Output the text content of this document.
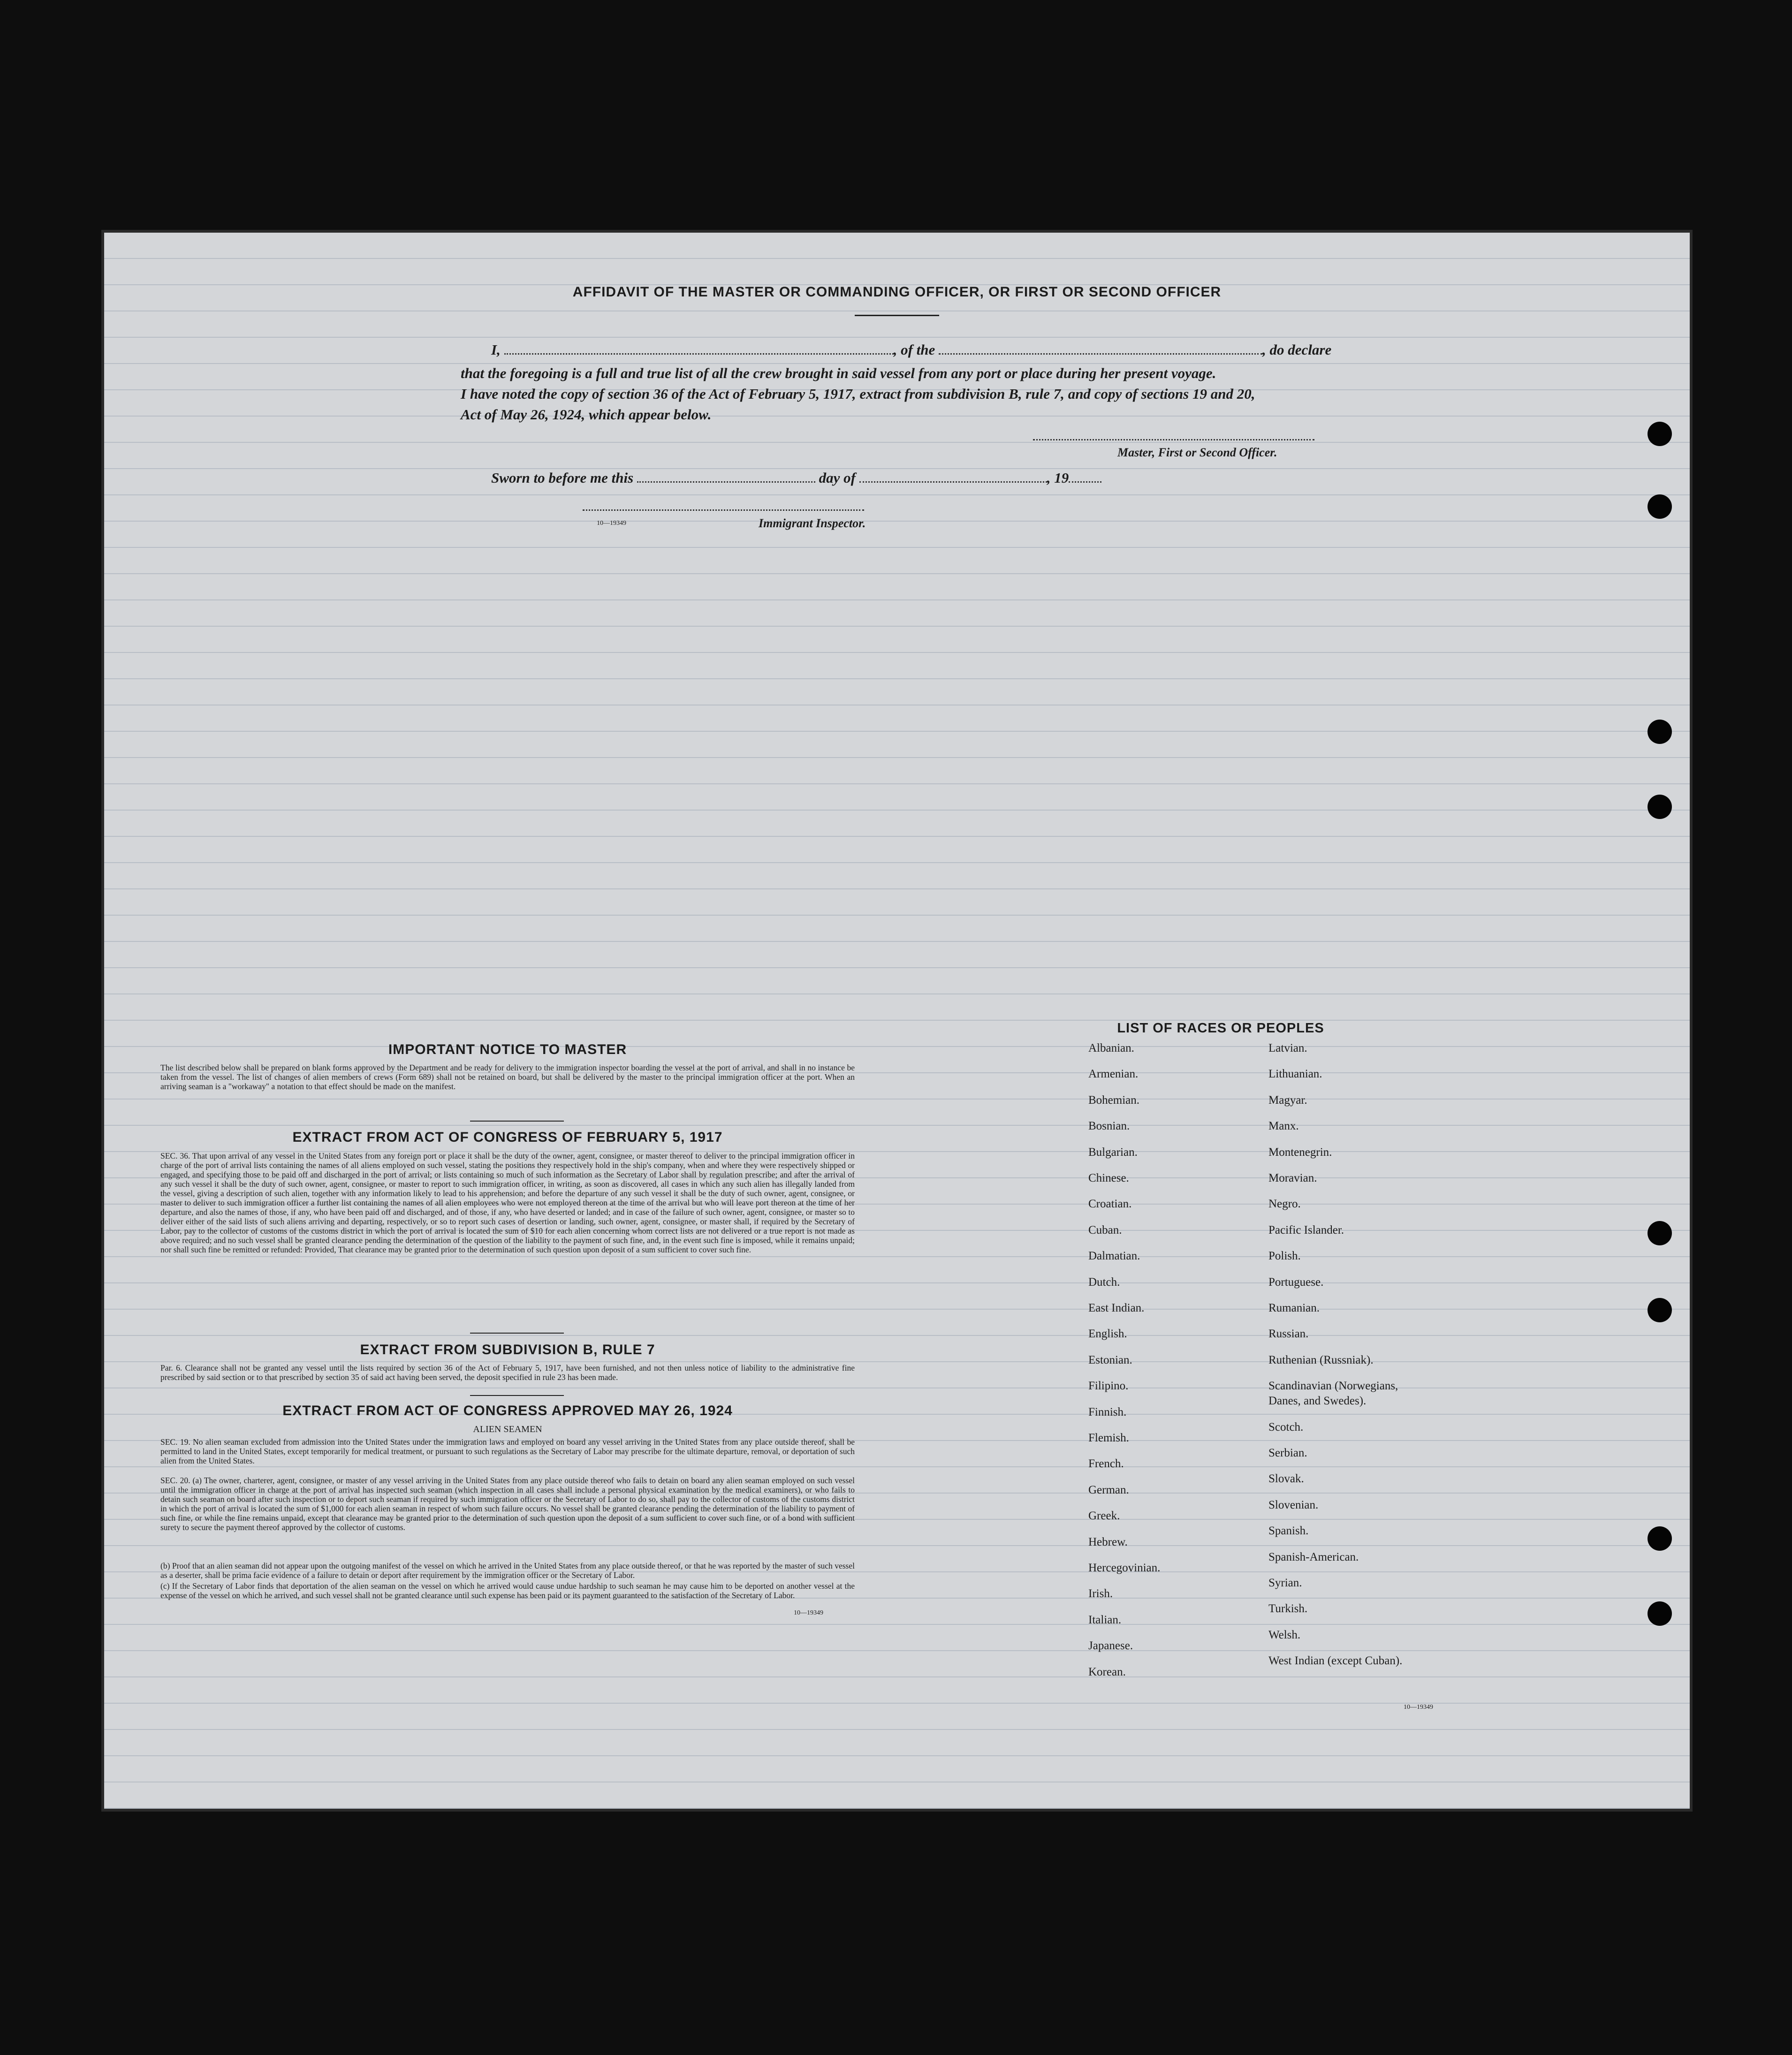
AFFIDAVIT OF THE MASTER OR COMMANDING OFFICER, OR FIRST OR SECOND OFFICER
I,	, of the	, do declare
that the foregoing is a full and true list of all the crew brought in said vessel from any port or place during her present voyage.
I have noted the copy of section 36 of the Act of February 5, 1917, extract from subdivision B, rule 7, and copy of sections 19 and 20,
Act of May 26, 1924, which appear below.
Master, First or Second Officer.
Sworn to before me this	day of	, 19
10—19349	Immigrant Inspector.
IMPORTANT NOTICE TO MASTER
The list described below shall be prepared on blank forms approved by the Department and be ready for delivery to the immigration inspector boarding the vessel at the port of arrival, and shall in no instance be taken from the vessel. The list of changes of alien members of crews (Form 689) shall not be retained on board, but shall be delivered by the master to the principal immigration officer at the port. When an arriving seaman is a "workaway" a notation to that effect should be made on the manifest.
EXTRACT FROM ACT OF CONGRESS OF FEBRUARY 5, 1917
SEC. 36. That upon arrival of any vessel in the United States from any foreign port or place it shall be the duty of the owner, agent, consignee, or master thereof to deliver to the principal immigration officer in charge of the port of arrival lists containing the names of all aliens employed on such vessel, stating the positions they respectively hold in the ship's company, when and where they were respectively shipped or engaged, and specifying those to be paid off and discharged in the port of arrival; or lists containing so much of such information as the Secretary of Labor shall by regulation prescribe; and after the arrival of any such vessel it shall be the duty of such owner, agent, consignee, or master to report to such immigration officer, in writing, as soon as discovered, all cases in which any such alien has illegally landed from the vessel, giving a description of such alien, together with any information likely to lead to his apprehension; and before the departure of any such vessel it shall be the duty of such owner, agent, consignee, or master to deliver to such immigration officer a further list containing the names of all alien employees who were not employed thereon at the time of the arrival but who will leave port thereon at the time of her departure, and also the names of those, if any, who have been paid off and discharged, and of those, if any, who have deserted or landed; and in case of the failure of such owner, agent, consignee, or master so to deliver either of the said lists of such aliens arriving and departing, respectively, or so to report such cases of desertion or landing, such owner, agent, consignee, or master shall, if required by the Secretary of Labor, pay to the collector of customs of the customs district in which the port of arrival is located the sum of $10 for each alien concerning whom correct lists are not delivered or a true report is not made as above required; and no such vessel shall be granted clearance pending the determination of the question of the liability to the payment of such fine, and, in the event such fine is imposed, while it remains unpaid; nor shall such fine be remitted or refunded: Provided, That clearance may be granted prior to the determination of such question upon deposit of a sum sufficient to cover such fine.
EXTRACT FROM SUBDIVISION B, RULE 7
Par. 6. Clearance shall not be granted any vessel until the lists required by section 36 of the Act of February 5, 1917, have been furnished, and not then unless notice of liability to the administrative fine prescribed by said section or to that prescribed by section 35 of said act having been served, the deposit specified in rule 23 has been made.
EXTRACT FROM ACT OF CONGRESS APPROVED MAY 26, 1924
ALIEN SEAMEN
SEC. 19. No alien seaman excluded from admission into the United States under the immigration laws and employed on board any vessel arriving in the United States from any place outside thereof, shall be permitted to land in the United States, except temporarily for medical treatment, or pursuant to such regulations as the Secretary of Labor may prescribe for the ultimate departure, removal, or deportation of such alien from the United States.
SEC. 20. (a) The owner, charterer, agent, consignee, or master of any vessel arriving in the United States from any place outside thereof who fails to detain on board any alien seaman employed on such vessel until the immigration officer in charge at the port of arrival has inspected such seaman (which inspection in all cases shall include a personal physical examination by the medical examiners), or who fails to detain such seaman on board after such inspection or to deport such seaman if required by such immigration officer or the Secretary of Labor to do so, shall pay to the collector of customs of the customs district in which the port of arrival is located the sum of $1,000 for each alien seaman in respect of whom such failure occurs. No vessel shall be granted clearance pending the determination of the liability to payment of such fine, or while the fine remains unpaid, except that clearance may be granted prior to the determination of such question upon the deposit of a sum sufficient to cover such fine, or of a bond with sufficient surety to secure the payment thereof approved by the collector of customs.
(b) Proof that an alien seaman did not appear upon the outgoing manifest of the vessel on which he arrived in the United States from any place outside thereof, or that he was reported by the master of such vessel as a deserter, shall be prima facie evidence of a failure to detain or deport after requirement by the immigration officer or the Secretary of Labor.
(c) If the Secretary of Labor finds that deportation of the alien seaman on the vessel on which he arrived would cause undue hardship to such seaman he may cause him to be deported on another vessel at the expense of the vessel on which he arrived, and such vessel shall not be granted clearance until such expense has been paid or its payment guaranteed to the satisfaction of the Secretary of Labor.
10—19349
LIST OF RACES OR PEOPLES
Albanian.
Armenian.
Bohemian.
Bosnian.
Bulgarian.
Chinese.
Croatian.
Cuban.
Dalmatian.
Dutch.
East Indian.
English.
Estonian.
Filipino.
Finnish.
Flemish.
French.
German.
Greek.
Hebrew.
Hercegovinian.
Irish.
Italian.
Japanese.
Korean.
Latvian.
Lithuanian.
Magyar.
Manx.
Montenegrin.
Moravian.
Negro.
Pacific Islander.
Polish.
Portuguese.
Rumanian.
Russian.
Ruthenian (Russniak).
Scandinavian (Norwegians,
Danes, and Swedes).
Scotch.
Serbian.
Slovak.
Slovenian.
Spanish.
Spanish-American.
Syrian.
Turkish.
Welsh.
West Indian (except Cuban).
10—19349
